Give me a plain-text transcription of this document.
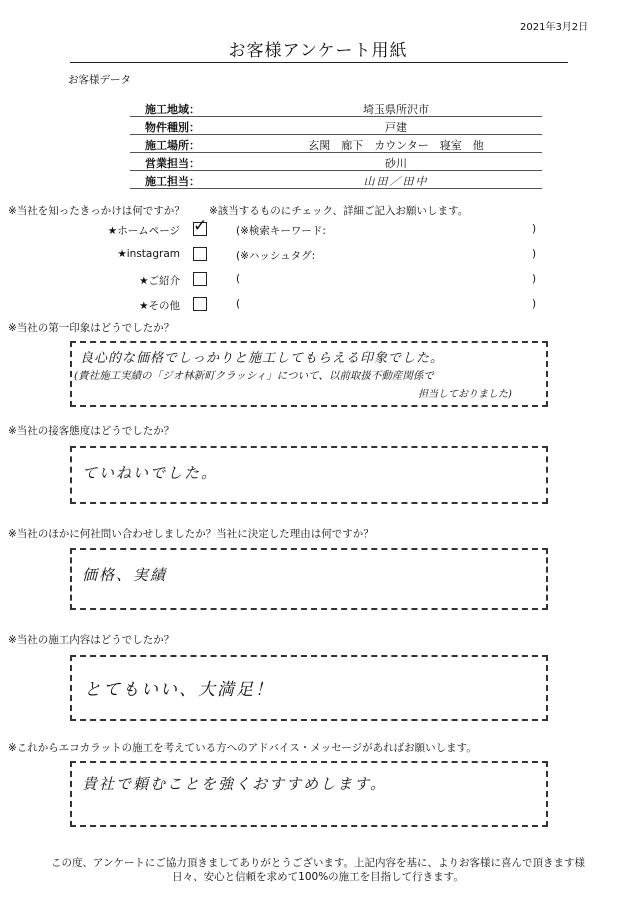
2021年3月2日
お客様アンケート用紙
お客様データ
施工地域：	埼玉県所沢市
物件種別：	戸建
施工場所：	玄関　廊下　カウンター　寝室　他
営業担当：	砂川
施工担当：	山田／田中
※当社を知ったきっかけは何ですか？ ※該当するものにチェック、詳細ご記入お願いします。
★ホームページ ✓	(※検索キーワード:	)
★instagram	(※ハッシュタグ:	)
★ご紹介	(	)
★その他	(	)
※当社の第一印象はどうでしたか？
良心的な価格でしっかりと施工してもらえる印象でした。
(貴社施工実績の「ジオ林新町クラッシィ」について、以前取扱不動産関係で
担当しておりました)
※当社の接客態度はどうでしたか？
ていねいでした。
※当社のほかに何社問い合わせしましたか？当社に決定した理由は何ですか？
価格、実績
※当社の施工内容はどうでしたか？
とてもいい、大満足！
※これからエコカラットの施工を考えている方へのアドバイス・メッセージがあればお願いします。
貴社で頼むことを強くおすすめします。
この度、アンケートにご協力頂きましてありがとうございます。上記内容を基に、よりお客様に喜んで頂きます様
日々、安心と信頼を求めて100%の施工を目指して行きます。
